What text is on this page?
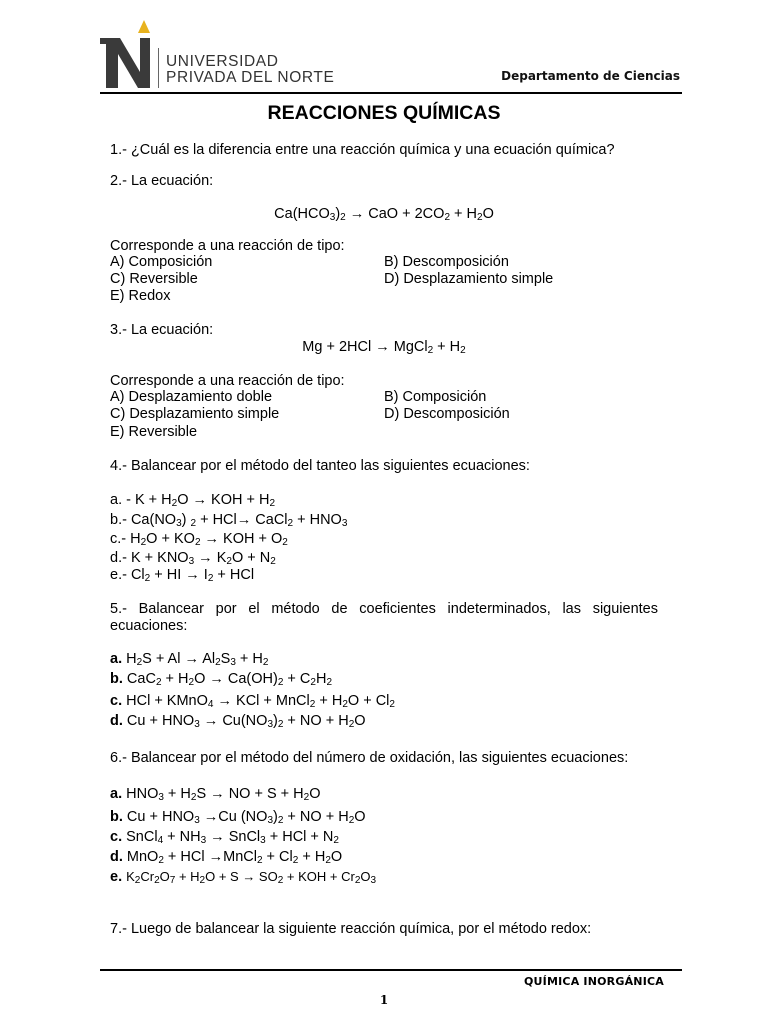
UNIVERSIDAD
PRIVADA DEL NORTE	Departamento de Ciencias
REACCIONES QUÍMICAS
1.- ¿Cuál es la diferencia entre una reacción química y una ecuación química?
2.- La ecuación:
$Ca(HCO_3)_2$ → CaO + $2CO_2 + H_2O$
Corresponde a una reacción de tipo:
A) Composición	B) Descomposición
C) Reversible	D) Desplazamiento simple
E) Redox
3.- La ecuación:
Mg + 2HCl → MgCl$_2$ + $H_2$
Corresponde a una reacción de tipo:
A) Desplazamiento doble	B) Composición
C) Desplazamiento simple	D) Descomposición
E) Reversible
4.- Balancear por el método del tanteo las siguientes ecuaciones:
a. - $K + H_2O$ → KOH + $H_2$
b.- $Ca(NO_3) _2 + HCl\to$ CaCl$_2$ + $HNO_3$
c.- $H_2O + KO_2$ → KOH + $O_2$
d.- $K + KNO_3 \to K_2O + N_2$
e.- $Cl_2$ + HI → $I_2$ + HCl
5.- Balancear por el método de coeficientes indeterminados, las siguientes ecuaciones:
a. $H_2S + Al \to Al_2S_3 + H_2$
b. $CaC_2 + H_2O \to Ca(OH)_2 + C_2H_2$
c. HCl + KMnO$_4$ → KCl + MnCl$_2$ + $H_2O + Cl_2$
d. $Cu + HNO_3 \to Cu(NO_3)_2$ + NO + $H_2O$
6.- Balancear por el método del número de oxidación, las siguientes ecuaciones:
a. $HNO_3 + H_2S$ → NO + $S + H_2O$
b. $Cu + HNO_3 \to Cu$ $(NO_3)_2$ + NO + $H_2O$
c. SnCl$_4$ + $NH_3$ → SnCl$_3$ + HCl + $N_2$
d. MnO$_2$ + HCl →MnCl$_2$ + $Cl_2 + H_2O$
e. $K_2Cr_2O_7 + H_2O + S \to SO_2$ + KOH + $Cr_2O_3$
7.- Luego de balancear la siguiente reacción química, por el método redox:
QUÍMICA INORGÁNICA
1
